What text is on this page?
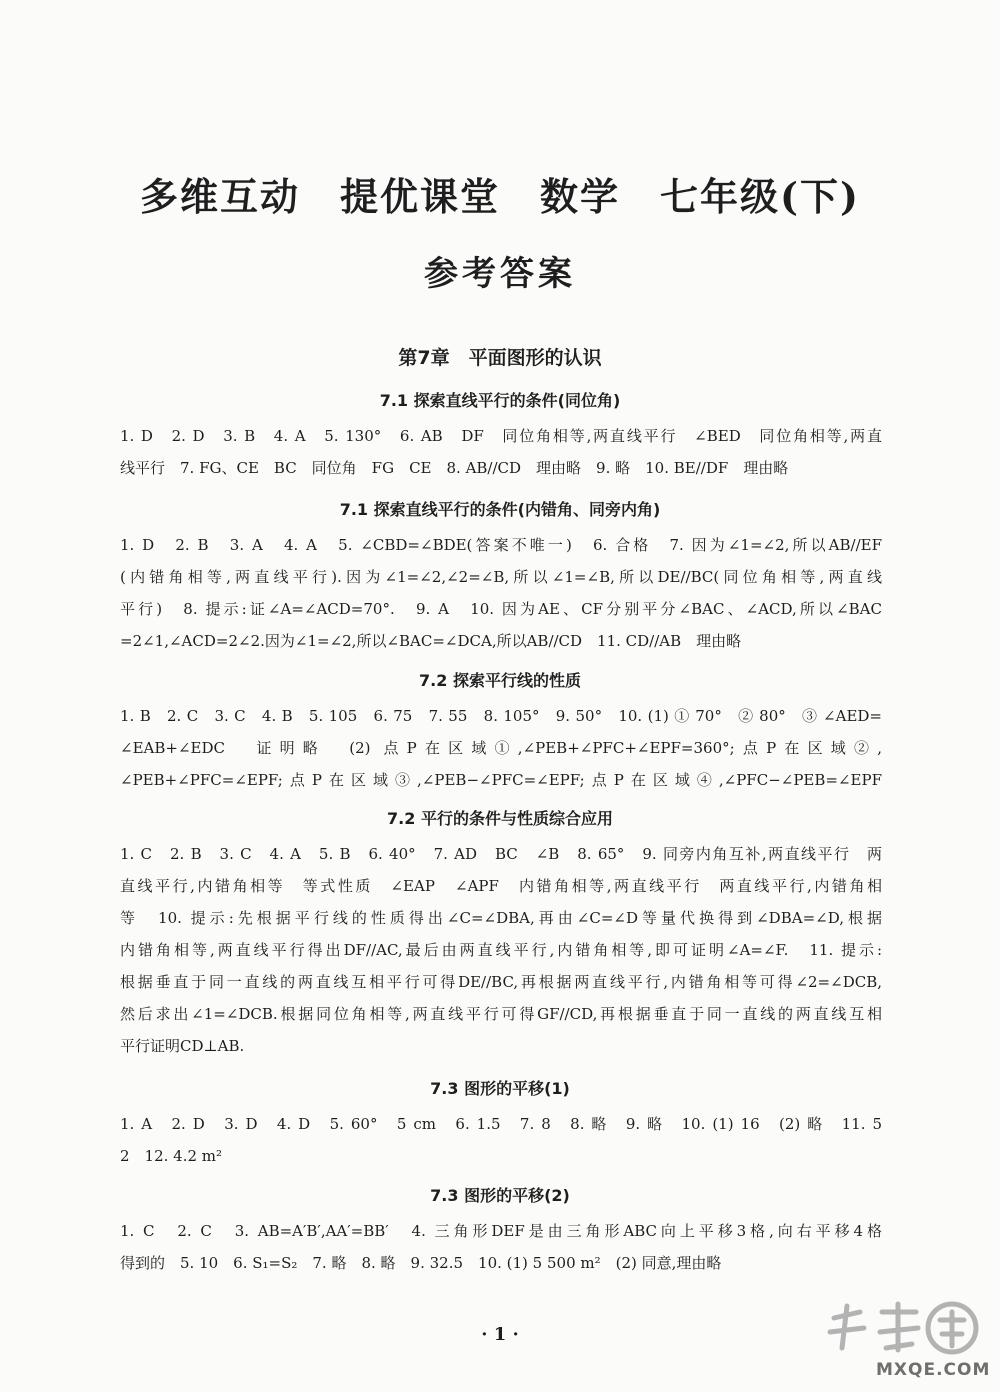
多维互动　提优课堂　数学　七年级(下)
参考答案
第7章　平面图形的认识
7.1 探索直线平行的条件(同位角)
1. D　2. D　3. B　4. A　5. 130°　6. AB　DF　同位角相等,两直线平行　∠BED　同位角相等,两直
线平行　7. FG、CE　BC　同位角　FG　CE　8. AB//CD　理由略　9. 略　10. BE//DF　理由略
7.1 探索直线平行的条件(内错角、同旁内角)
1. D　2. B　3. A　4. A　5. ∠CBD=∠BDE(答案不唯一)　6. 合格　7. 因为∠1=∠2,所以AB//EF
(内错角相等,两直线平行).因为∠1=∠2,∠2=∠B,所以∠1=∠B,所以DE//BC(同位角相等,两直线
平行)　8. 提示:证∠A=∠ACD=70°.　9. A　10. 因为AE、CF分别平分∠BAC、∠ACD,所以∠BAC
=2∠1,∠ACD=2∠2.因为∠1=∠2,所以∠BAC=∠DCA,所以AB//CD　11. CD//AB　理由略
7.2 探索平行线的性质
1. B　2. C　3. C　4. B　5. 105　6. 75　7. 55　8. 105°　9. 50°　10. (1) ① 70°　② 80°　③ ∠AED=
∠EAB+∠EDC　证明略　(2) 点P在区域①,∠PEB+∠PFC+∠EPF=360°;点P在区域②,
∠PEB+∠PFC=∠EPF;点P在区域③,∠PEB−∠PFC=∠EPF;点P在区域④,∠PFC−∠PEB=∠EPF
7.2 平行的条件与性质综合应用
1. C　2. B　3. C　4. A　5. B　6. 40°　7. AD　BC　∠B　8. 65°　9. 同旁内角互补,两直线平行　两
直线平行,内错角相等　等式性质　∠EAP　∠APF　内错角相等,两直线平行　两直线平行,内错角相
等　10. 提示:先根据平行线的性质得出∠C=∠DBA,再由∠C=∠D等量代换得到∠DBA=∠D,根据
内错角相等,两直线平行得出DF//AC,最后由两直线平行,内错角相等,即可证明∠A=∠F.　11. 提示:
根据垂直于同一直线的两直线互相平行可得DE//BC,再根据两直线平行,内错角相等可得∠2=∠DCB,
然后求出∠1=∠DCB.根据同位角相等,两直线平行可得GF//CD,再根据垂直于同一直线的两直线互相
平行证明CD⊥AB.
7.3 图形的平移(1)
1. A　2. D　3. D　4. D　5. 60°　5 cm　6. 1.5　7. 8　8. 略　9. 略　10. (1) 16　(2) 略　11. 5
2　12. 4.2 m²
7.3 图形的平移(2)
1. C　2. C　3. AB=A′B′,AA′=BB′　4. 三角形DEF是由三角形ABC向上平移3格,向右平移4格
得到的　5. 10　6. S₁=S₂　7. 略　8. 略　9. 32.5　10. (1) 5 500 m²　(2) 同意,理由略
· 1 ·
MXQE.COM
